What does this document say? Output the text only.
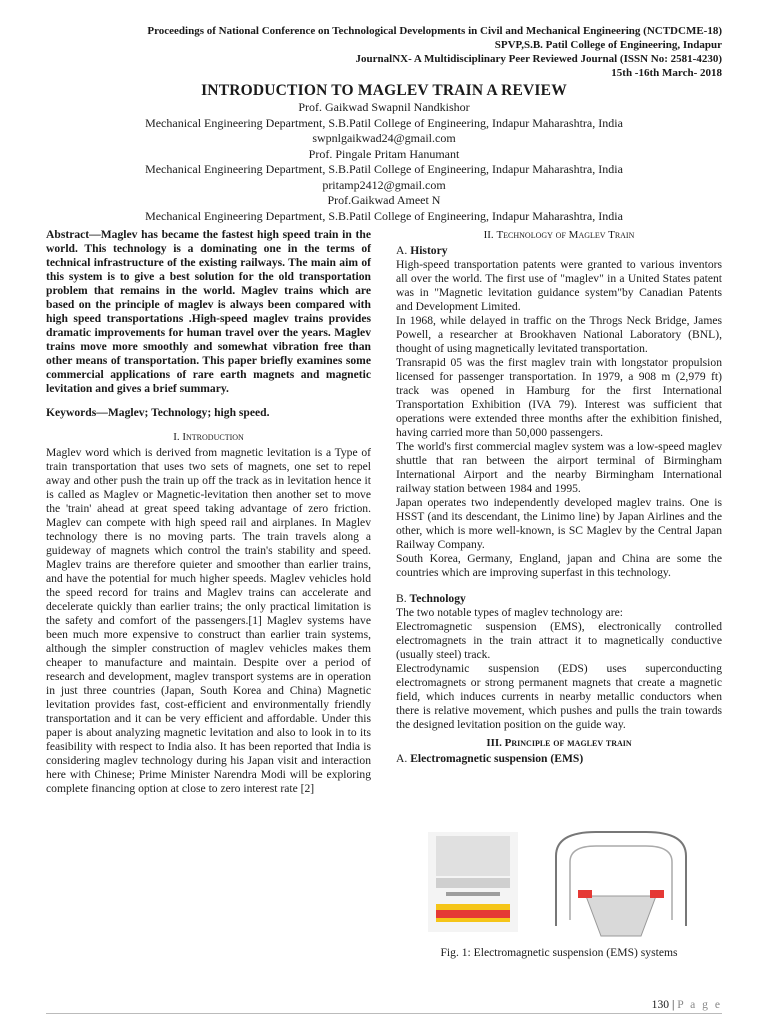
Proceedings of National Conference on Technological Developments in Civil and Mechanical Engineering (NCTDCME-18)
SPVP,S.B. Patil College of Engineering, Indapur
JournalNX- A Multidisciplinary Peer Reviewed Journal (ISSN No: 2581-4230)
15th -16th March- 2018
INTRODUCTION TO MAGLEV TRAIN A REVIEW
Prof. Gaikwad Swapnil Nandkishor
Mechanical Engineering Department, S.B.Patil College of Engineering, Indapur Maharashtra, India
swpnlgaikwad24@gmail.com
Prof. Pingale Pritam Hanumant
Mechanical Engineering Department, S.B.Patil College of Engineering, Indapur Maharashtra, India
pritamp2412@gmail.com
Prof.Gaikwad Ameet N
Mechanical Engineering Department, S.B.Patil College of Engineering, Indapur Maharashtra, India

Abstract—Maglev has became the fastest high speed train in the world. This technology is a dominating one in the terms of technical infrastructure of the existing railways. The main aim of this system is to give a best solution for the old transportation problem that remains in the world. Maglev trains which are based on the principle of maglev is always been compared with high speed transportations .High-speed maglev trains provides dramatic improvements for human travel over the years. Maglev trains move more smoothly and somewhat vibration free than other means of transportation. This paper briefly examines some commercial applications of rare earth magnets and magnetic levitation and gives a brief summary.

Keywords—Maglev; Technology; high speed.

I. Introduction

Maglev word which is derived from magnetic levitation is a Type of train transportation that uses two sets of magnets, one set to repel away and other push the train up off the track as in levitation hence it is called as Maglev or Magnetic-levitation then another set to move the 'train' ahead at great speed taking advantage of zero friction. Maglev can compete with high speed rail and airplanes. In Maglev technology there is no moving parts. The train travels along a guideway of magnets which control the train's stability and speed. Maglev trains are therefore quieter and smoother than earlier trains, and have the potential for much higher speeds. Maglev vehicles hold the speed record for trains and Maglev trains can accelerate and decelerate quickly than earlier trains; the only practical limitation is the safety and comfort of the passengers.[1] Maglev systems have been much more expensive to construct than earlier train systems, although the simpler construction of maglev vehicles makes them cheaper to manufacture and maintain. Despite over a period of research and development, maglev transport systems are in operation in just three countries (Japan, South Korea and China) Magnetic levitation provides fast, cost-efficient and environmentally friendly transportation and it can be very efficient and affordable. Under this paper is about analyzing magnetic levitation and also to look in to its feasibility with respect to India also. It has been reported that India is considering maglev technology during his Japan visit and interaction here with Chinese; Prime Minister Narendra Modi will be exploring complete financing option at close to zero interest rate [2]

II. Technology of Maglev Train

A. History

High-speed transportation patents were granted to various inventors all over the world. The first use of "maglev" in a United States patent was in "Magnetic levitation guidance system"by Canadian Patents and Development Limited.

In 1968, while delayed in traffic on the Throgs Neck Bridge, James Powell, a researcher at Brookhaven National Laboratory (BNL), thought of using magnetically levitated transportation.

Transrapid 05 was the first maglev train with longstator propulsion licensed for passenger transportation. In 1979, a 908 m (2,979 ft) track was opened in Hamburg for the first International Transportation Exhibition (IVA 79). Interest was sufficient that operations were extended three months after the exhibition finished, having carried more than 50,000 passengers.

The world's first commercial maglev system was a low-speed maglev shuttle that ran between the airport terminal of Birmingham International Airport and the nearby Birmingham International railway station between 1984 and 1995.

Japan operates two independently developed maglev trains. One is HSST (and its descendant, the Linimo line) by Japan Airlines and the other, which is more well-known, is SC Maglev by the Central Japan Railway Company.

South Korea, Germany, England, japan and China are some the countries which are improving superfast in this technology.

B. Technology

The two notable types of maglev technology are:

Electromagnetic suspension (EMS), electronically controlled electromagnets in the train attract it to magnetically conductive (usually steel) track.

Electrodynamic suspension (EDS) uses superconducting electromagnets or strong permanent magnets that create a magnetic field, which induces currents in nearby metallic conductors when there is relative movement, which pushes and pulls the train towards the designed levitation position on the guide way.

III. Principle of maglev train

A. Electromagnetic suspension (EMS)

Fig. 1: Electromagnetic suspension (EMS) systems
130 | P a g e
